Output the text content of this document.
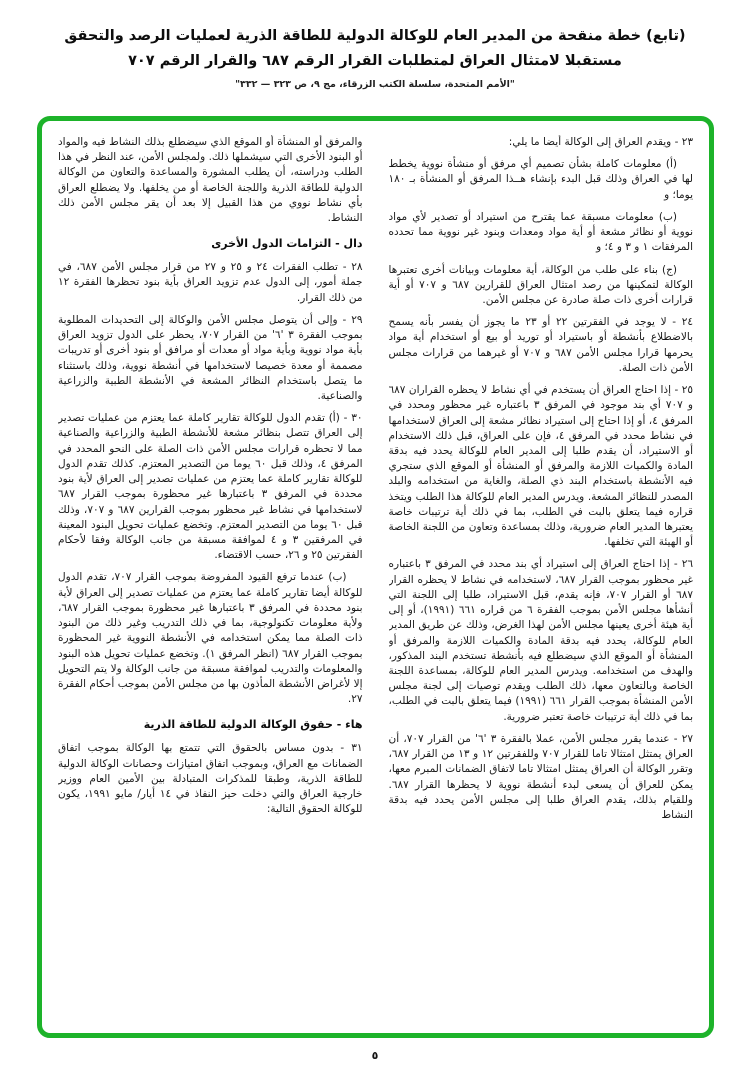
(تابع) خطة منقحة من المدير العام للوكالة الدولية للطاقة الذرية لعمليات الرصد والتحقق
مستقبلا لامتثال العراق لمتطلبات القرار الرقم ٦٨٧ والقرار الرقم ٧٠٧
"الأمم المتحدة، سلسلة الكتب الزرقاء، مج ٩، ص ٣٢٣ — ٣٣٢"

٢٣ - ويقدم العراق إلى الوكالة أيضا ما يلي:

(أ) معلومات كاملة بشأن تصميم أي مرفق أو منشأة نووية يخطط لها في العراق وذلك قبل البدء بإنشاء هــذا المرفق أو المنشأة بـ ١٨٠ يوما؛ و

(ب) معلومات مسبقة عما يقترح من استيراد أو تصدير لأي مواد نووية أو نظائر مشعة أو أية مواد ومعدات وبنود غير نووية مما تحدده المرفقات ١ و ٣ و ٤؛ و

(ج) بناء على طلب من الوكالة، أية معلومات وبيانات أخرى تعتبرها الوكالة لتمكينها من رصد امتثال العراق للقرارين ٦٨٧ و ٧٠٧ أو أية قرارات أخرى ذات صلة صادرة عن مجلس الأمن.

٢٤ - لا يوجد في الفقرتين ٢٢ أو ٢٣ ما يجوز أن يفسر بأنه يسمح بالاضطلاع بأنشطة أو باستيراد أو توريد أو بيع أو استخدام أية مواد يحرمها قرارا مجلس الأمن ٦٨٧ و ٧٠٧ أو غيرهما من قرارات مجلس الأمن ذات الصلة.

٢٥ - إذا احتاج العراق أن يستخدم في أي نشاط لا يحظره القراران ٦٨٧ و ٧٠٧ أي بند موجود في المرفق ٣ باعتباره غير محظور ومحدد في المرفق ٤، أو إذا احتاج إلى استيراد نظائر مشعة إلى العراق لاستخدامها في نشاط محدد في المرفق ٤، فإن على العراق، قبل ذلك الاستخدام أو الاستيراد، أن يقدم طلبا إلى المدير العام للوكالة يحدد فيه بدقة المادة والكميات اللازمة والمرفق أو المنشأة أو الموقع الذي ستجري فيه الأنشطة باستخدام البند ذي الصلة، والغاية من استخدامه والبلد المصدر للنظائر المشعة. ويدرس المدير العام للوكالة هذا الطلب ويتخذ قراره فيما يتعلق بالبت في الطلب، بما في ذلك أية ترتيبات خاصة يعتبرها المدير العام ضرورية، وذلك بمساعدة وتعاون من اللجنة الخاصة أو الهيئة التي تخلفها.

٢٦ - إذا احتاج العراق إلى استيراد أي بند محدد في المرفق ٣ باعتباره غير محظور بموجب القرار ٦٨٧، لاستخدامه في نشاط لا يحظره القرار ٦٨٧ أو القرار ٧٠٧، فإنه يقدم، قبل الاستيراد، طلبا إلى اللجنة التي أنشأها مجلس الأمن بموجب الفقرة ٦ من قراره ٦٦١ (١٩٩١)، أو إلى أية هيئة أخرى يعينها مجلس الأمن لهذا الغرض، وذلك عن طريق المدير العام للوكالة، يحدد فيه بدقة المادة والكميات اللازمة والمرفق أو المنشأة أو الموقع الذي سيضطلع فيه بأنشطة تستخدم البند المذكور، والهدف من استخدامه. ويدرس المدير العام للوكالة، بمساعدة اللجنة الخاصة وبالتعاون معها، ذلك الطلب ويقدم توصيات إلى لجنة مجلس الأمن المنشأة بموجب القرار ٦٦١ (١٩٩١) فيما يتعلق بالبت في الطلب، بما في ذلك أية ترتيبات خاصة تعتبر ضرورية.

٢٧ - عندما يقرر مجلس الأمن، عملا بالفقرة ٣ '٦' من القرار ٧٠٧، أن العراق يمتثل امتثالا تاما للقرار ٧٠٧ وللفقرتين ١٢ و ١٣ من القرار ٦٨٧، وتقرر الوكالة أن العراق يمتثل امتثالا تاما لاتفاق الضمانات المبرم معها، يمكن للعراق أن يسعى لبدء أنشطة نووية لا يحظرها القرار ٦٨٧. وللقيام بذلك، يقدم العراق طلبا إلى مجلس الأمن يحدد فيه بدقة النشاط

والمرفق أو المنشأة أو الموقع الذي سيضطلع بذلك النشاط فيه والمواد أو البنود الأخرى التي سيشملها ذلك. ولمجلس الأمن، عند النظر في هذا الطلب ودراسته، أن يطلب المشورة والمساعدة والتعاون من الوكالة الدولية للطاقة الذرية واللجنة الخاصة أو من يخلفها. ولا يضطلع العراق بأي نشاط نووي من هذا القبيل إلا بعد أن يقر مجلس الأمن ذلك النشاط.

دال - التزامات الدول الأخرى

٢٨ - تطلب الفقرات ٢٤ و ٢٥ و ٢٧ من قرار مجلس الأمن ٦٨٧، في جملة أمور، إلى الدول عدم تزويد العراق بأية بنود تحظرها الفقرة ١٢ من ذلك القرار.

٢٩ - وإلى أن يتوصل مجلس الأمن والوكالة إلى التحديدات المطلوبة بموجب الفقرة ٣ '٦' من القرار ٧٠٧، يحظر على الدول تزويد العراق بأية مواد نووية وبأية مواد أو معدات أو مرافق أو بنود أخرى أو تدريبات مصممة أو معدة خصيصا لاستخدامها في أنشطة نووية، وذلك باستثناء ما يتصل باستخدام النظائر المشعة في الأنشطة الطبية والزراعية والصناعية.

٣٠ - (أ) تقدم الدول للوكالة تقارير كاملة عما يعتزم من عمليات تصدير إلى العراق تتصل بنظائر مشعة للأنشطة الطبية والزراعية والصناعية مما لا تحظره قرارات مجلس الأمن ذات الصلة على النحو المحدد في المرفق ٤، وذلك قبل ٦٠ يوما من التصدير المعتزم. كذلك تقدم الدول للوكالة تقارير كاملة عما يعتزم من عمليات تصدير إلى العراق لأية بنود محددة في المرفق ٣ باعتبارها غير محظورة بموجب القرار ٦٨٧ لاستخدامها في نشاط غير محظور بموجب القرارين ٦٨٧ و ٧٠٧، وذلك قبل ٦٠ يوما من التصدير المعتزم. وتخضع عمليات تحويل البنود المعينة في المرفقين ٣ و ٤ لموافقة مسبقة من جانب الوكالة وفقا لأحكام الفقرتين ٢٥ و ٢٦، حسب الاقتضاء.

(ب) عندما ترفع القيود المفروضة بموجب القرار ٧٠٧، تقدم الدول للوكالة أيضا تقارير كاملة عما يعتزم من عمليات تصدير إلى العراق لأية بنود محددة في المرفق ٣ باعتبارها غير محظورة بموجب القرار ٦٨٧، ولأية معلومات تكنولوجية، بما في ذلك التدريب وغير ذلك من البنود ذات الصلة مما يمكن استخدامه في الأنشطة النووية غير المحظورة بموجب القرار ٦٨٧ (انظر المرفق ١). وتخضع عمليات تحويل هذه البنود والمعلومات والتدريب لموافقة مسبقة من جانب الوكالة ولا يتم التحويل إلا لأغراض الأنشطة المأذون بها من مجلس الأمن بموجب أحكام الفقرة ٢٧.

هاء - حقوق الوكالة الدولية للطاقة الذرية

٣١ - بدون مساس بالحقوق التي تتمتع بها الوكالة بموجب اتفاق الضمانات مع العراق، وبموجب اتفاق امتيازات وحصانات الوكالة الدولية للطاقة الذرية، وطبقا للمذكرات المتبادلة بين الأمين العام ووزير خارجية العراق والتي دخلت حيز النفاذ في ١٤ أيار/ مايو ١٩٩١، يكون للوكالة الحقوق التالية:

٥
